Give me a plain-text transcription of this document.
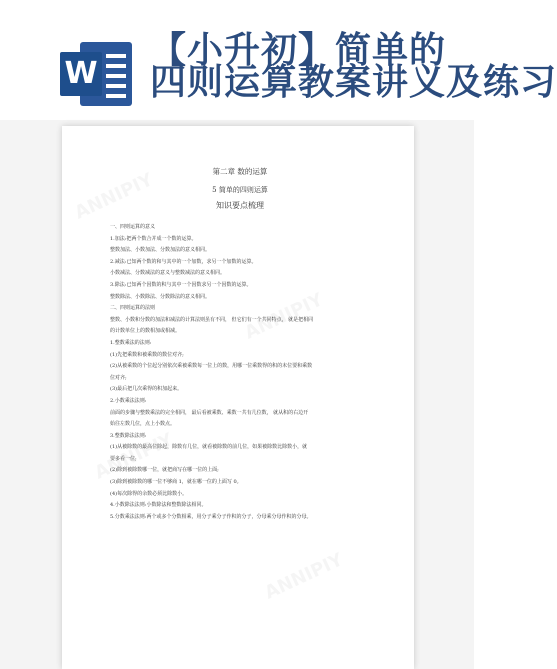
W
【小升初】简单的
四则运算教案讲义及练习
第二章 数的运算
5 简单的四则运算
知识要点梳理
一、四则运算的意义
1.加法:把两个数合并成一个数的运算。
整数加法、小数加法、分数加法的意义相同。
2.减法:已知两个数的和与其中的一个加数，求另一个加数的运算。
小数减法、分数减法的意义与整数减法的意义相同。
3.除法:已知两个因数的积与其中一个因数求另一个因数的运算。
整数除法、小数除法、分数除法的意义相同。
二、四则运算的法则
整数、小数和分数的加法和减法的计算法则虽有不同， 但它们有一个共同特点， 就是把相同
的计数单位上的数相加或相减。
1.整数乘法的法则:
(1)先把乘数和被乘数的数位对齐;
(2)从被乘数的个位起分别依次乘被乘数每一位上的数，用哪一位乘数得的积的末位要和乘数
位对齐;
(3)最后把几次乘得的积加起来。
2.小数乘法法则:
前面的步骤与整数乘法的完全相同， 最后看被乘数、乘数一共有几位数， 就从积的右边开
始往左数几位，点上小数点。
3.整数除法法则:
(1)从被除数的最高位除起，除数有几位，就看被除数的前几位，如果被除数比除数小，就
要多看一位;
(2)除到被除数哪一位，就把商写在哪一位的上面;
(3)除到被除数的哪一位不够商 1，就在哪一位的上面写 0。
(4)每次除得的余数必须比除数小。
4.小数除法法则:小数除法和整数除法相同。
5.分数乘法法则:两个或多个分数相乘，用分子乘分子作积的分子，分母乘分母作积的分母。
